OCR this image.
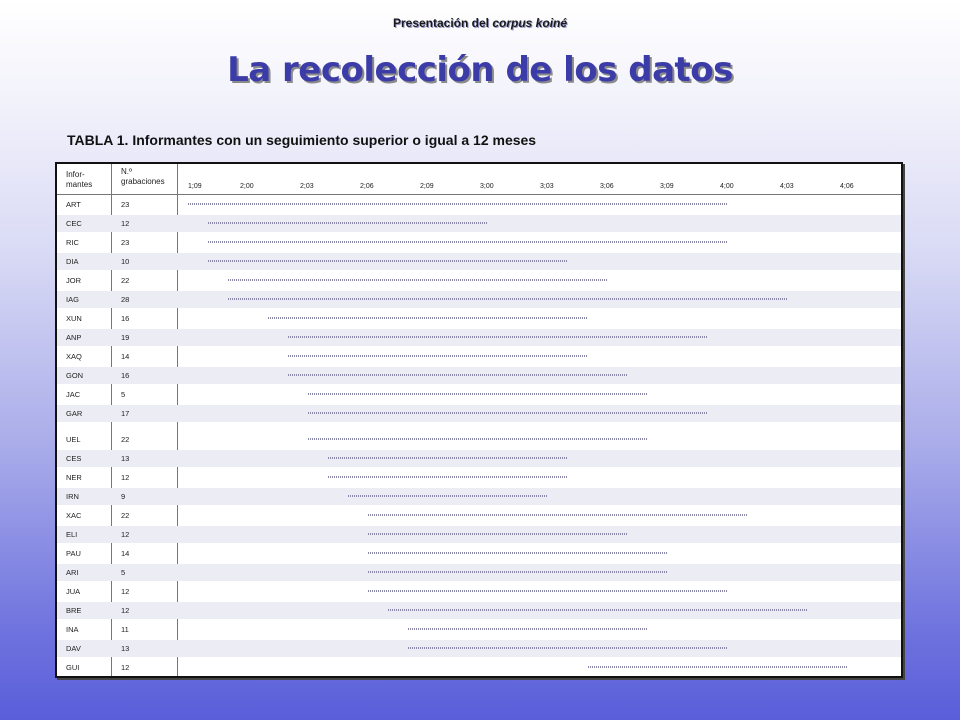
Presentación del corpus koiné
La recolección de los datos
TABLA 1. Informantes con un seguimiento superior o igual a 12 meses
Infor-
mantes
N.º
grabaciones
1;09	2;00	2;03	2;06	2;09	3;00	3;03	3;06	3;09	4;00	4;03	4;06
ART	23
CEC	12
RIC	23
DIA	10
JOR	22
IAG	28
XUN	16
ANP	19
XAQ	14
GON	16
JAC	5
GAR	17
UEL	22
CES	13
NER	12
IRN	9
XAC	22
ELI	12
PAU	14
ARI	5
JUA	12
BRE	12
INA	11
DAV	13
GUI	12
